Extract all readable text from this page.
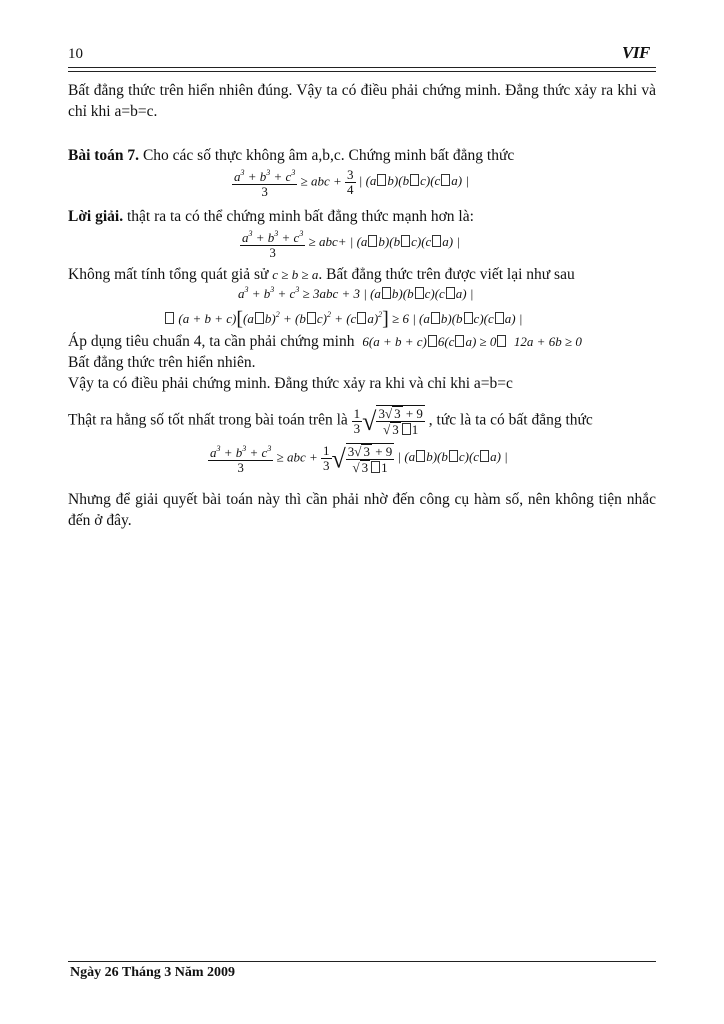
10	VIF
Bất đẳng thức trên hiển nhiên đúng. Vậy ta có điều phải chứng minh. Đẳng thức xảy ra khi và chỉ khi a=b=c.
Bài toán 7. Cho các số thực không âm a,b,c. Chứng minh bất đẳng thức
$\frac{a^3 + b^3 + c^3}{3}$ ≥ abc + $\frac{3}{4}$ | (a b)(b c)(c a) |
Lời giải. thật ra ta có thể chứng minh bất đẳng thức mạnh hơn là:
$\frac{a^3 + b^3 + c^3}{3} \ge abc+$ | (a b)(b c)(c a) |
Không mất tính tổng quát giả sử c ≥ b ≥ a. Bất đẳng thức trên được viết lại như sau
$a^3 + b^3 + c^3 \ge 3abc + 3$ | (a b)(b c)(c a) |
(a + b + c)[(a b)$^2$ + (b c)$^2$ + (c a)$^2$] ≥ 6 | (a b)(b c)(c a) |
Áp dụng tiêu chuẩn 4, ta cần phải chứng minh 6(a + b + c) 6(c a) ≥ 0  12a + 6b ≥ 0
Bất đẳng thức trên hiển nhiên.
Vậy ta có điều phải chứng minh. Đẳng thức xảy ra khi và chỉ khi a=b=c
Thật ra hằng số tốt nhất trong bài toán trên là $\frac{1}{3}$ √ $\frac{3√ 3 + 9}{√ 3 1}$ , tức là ta có bất đẳng thức
$\frac{a^3 + b^3 + c^3}{3}$ ≥ abc + $\frac{1}{3}$ √ $\frac{3√ 3 + 9}{√ 3 1}$ | (a b)(b c)(c a) |
Nhưng để giải quyết bài toán này thì cần phải nhờ đến công cụ hàm số, nên không tiện nhắc đến ở đây.
Ngày 26 Tháng 3 Năm 2009
